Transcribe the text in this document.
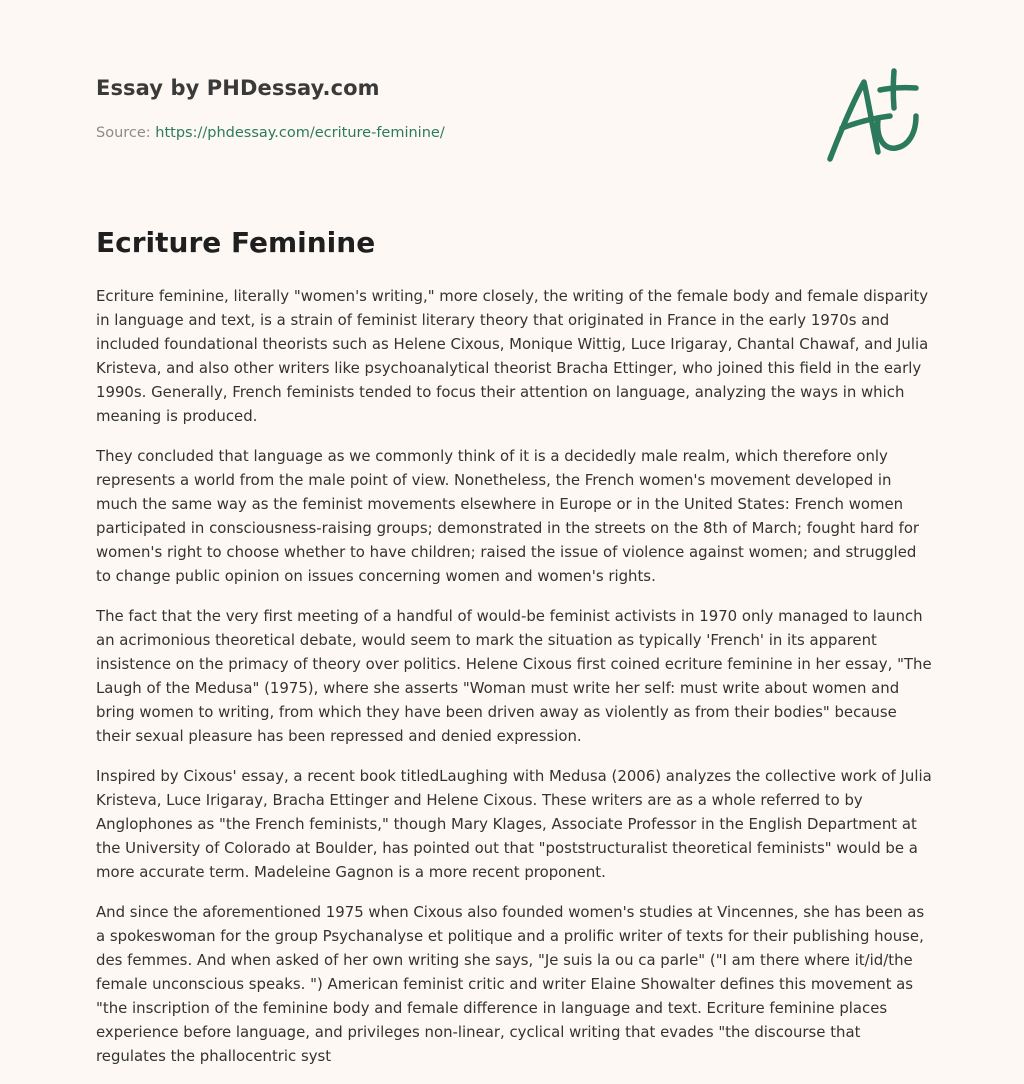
Essay by PHDessay.com
Source: https://phdessay.com/ecriture-feminine/
Ecriture Feminine

Ecriture feminine, literally "women's writing," more closely, the writing of the female body and female disparity in language and text, is a strain of feminist literary theory that originated in France in the early 1970s and included foundational theorists such as Helene Cixous, Monique Wittig, Luce Irigaray, Chantal Chawaf, and Julia Kristeva, and also other writers like psychoanalytical theorist Bracha Ettinger, who joined this field in the early 1990s. Generally, French feminists tended to focus their attention on language, analyzing the ways in which meaning is produced.

They concluded that language as we commonly think of it is a decidedly male realm, which therefore only represents a world from the male point of view. Nonetheless, the French women's movement developed in much the same way as the feminist movements elsewhere in Europe or in the United States: French women participated in consciousness-raising groups; demonstrated in the streets on the 8th of March; fought hard for women's right to choose whether to have children; raised the issue of violence against women; and struggled to change public opinion on issues concerning women and women's rights.

The fact that the very first meeting of a handful of would-be feminist activists in 1970 only managed to launch an acrimonious theoretical debate, would seem to mark the situation as typically 'French' in its apparent insistence on the primacy of theory over politics. Helene Cixous first coined ecriture feminine in her essay, "The Laugh of the Medusa" (1975), where she asserts "Woman must write her self: must write about women and bring women to writing, from which they have been driven away as violently as from their bodies" because their sexual pleasure has been repressed and denied expression.

Inspired by Cixous' essay, a recent book titledLaughing with Medusa (2006) analyzes the collective work of Julia Kristeva, Luce Irigaray, Bracha Ettinger and Helene Cixous. These writers are as a whole referred to by Anglophones as "the French feminists," though Mary Klages, Associate Professor in the English Department at the University of Colorado at Boulder, has pointed out that "poststructuralist theoretical feminists" would be a more accurate term. Madeleine Gagnon is a more recent proponent.

And since the aforementioned 1975 when Cixous also founded women's studies at Vincennes, she has been as a spokeswoman for the group Psychanalyse et politique and a prolific writer of texts for their publishing house, des femmes. And when asked of her own writing she says, "Je suis la ou ca parle" ("I am there where it/id/the female unconscious speaks. ") American feminist critic and writer Elaine Showalter defines this movement as "the inscription of the feminine body and female difference in language and text. Ecriture feminine places experience before language, and privileges non-linear, cyclical writing that evades "the discourse that regulates the phallocentric syst
